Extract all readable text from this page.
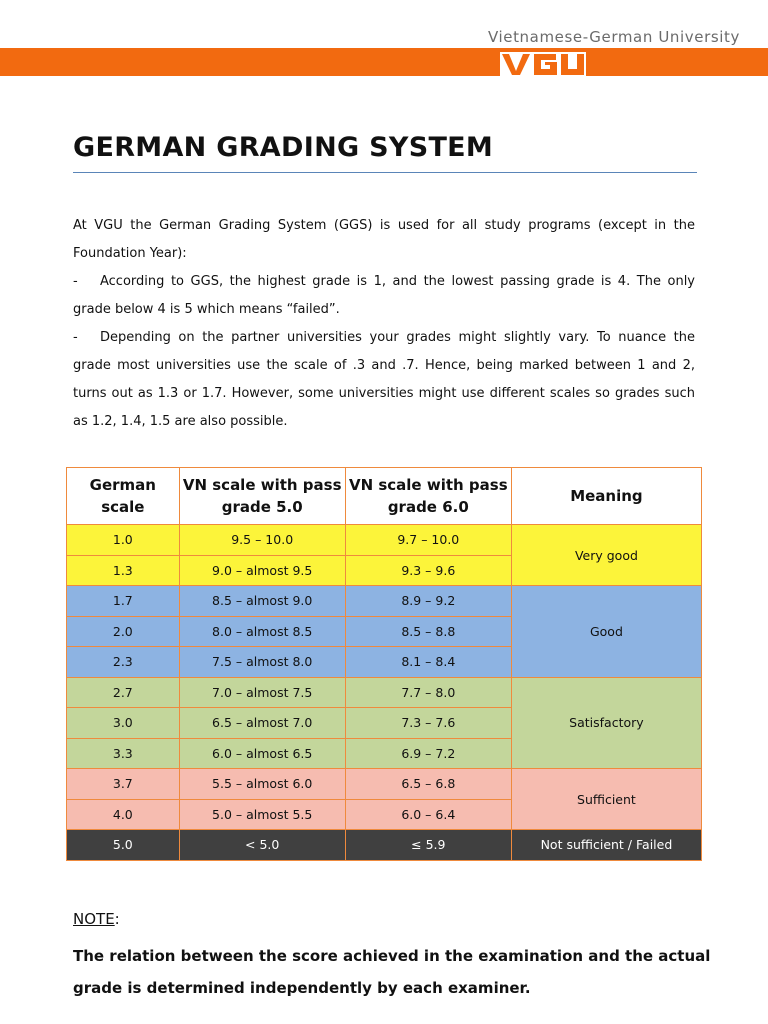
Vietnamese-German University
GERMAN GRADING SYSTEM

At VGU the German Grading System (GGS) is used for all study programs (except in the Foundation Year):

- According to GGS, the highest grade is 1, and the lowest passing grade is 4. The only grade below 4 is 5 which means “failed”.

- Depending on the partner universities your grades might slightly vary. To nuance the grade most universities use the scale of .3 and .7. Hence, being marked between 1 and 2, turns out as 1.3 or 1.7. However, some universities might use different scales so grades such as 1.2, 1.4, 1.5 are also possible.

German scale	VN scale with pass grade 5.0	VN scale with pass grade 6.0	Meaning
1.0	9.5 – 10.0	9.7 – 10.0	Very good
1.3	9.0 – almost 9.5	9.3 – 9.6	
1.7	8.5 – almost 9.0	8.9 – 9.2	Good
2.0	8.0 – almost 8.5	8.5 – 8.8	
2.3	7.5 – almost 8.0	8.1 – 8.4	
2.7	7.0 – almost 7.5	7.7 – 8.0	Satisfactory
3.0	6.5 – almost 7.0	7.3 – 7.6	
3.3	6.0 – almost 6.5	6.9 – 7.2	
3.7	5.5 – almost 6.0	6.5 – 6.8	Sufficient
4.0	5.0 – almost 5.5	6.0 – 6.4	
5.0	< 5.0	≤ 5.9	Not sufficient / Failed
NOTE:
The relation between the score achieved in the examination and the actual grade is determined independently by each examiner.
